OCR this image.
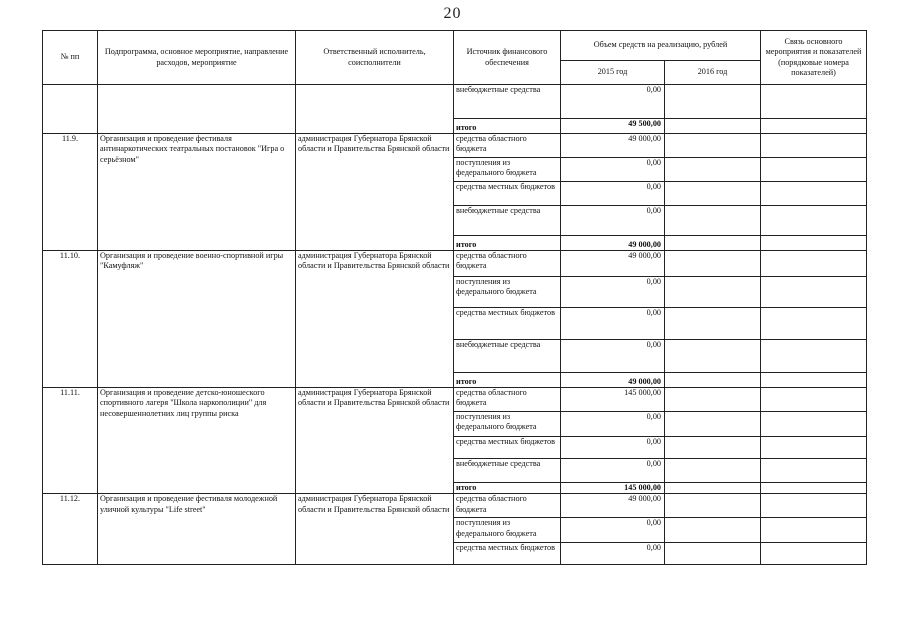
20
№ пп	Подпрограмма, основное мероприятие, направление расходов, мероприятие	Ответственный исполнитель, соисполнители	Источник финансового обеспечения	Объем средств на реализацию, рублей		Связь основного мероприятия и показателей (порядковые номера показателей)
				2015 год	2016 год	
			внебюджетные средства	0,00		
			итого	49 500,00		
11.9.	Организация и проведение фестиваля антинаркотических театральных постановок "Игра о серьёзном"	администрация Губернатора Брянской области и Правительства Брянской области	средства областного бюджета	49 000,00		
			поступления из федерального бюджета	0,00		
			средства местных бюджетов	0,00		
			внебюджетные средства	0,00		
			итого	49 000,00		
11.10.	Организация и проведение военно-спортивной игры "Камуфляж"	администрация Губернатора Брянской области и Правительства Брянской области	средства областного бюджета	49 000,00		
			поступления из федерального бюджета	0,00		
			средства местных бюджетов	0,00		
			внебюджетные средства	0,00		
			итого	49 000,00		
11.11.	Организация и проведение детско-юношеского спортивного лагеря "Школа наркополиции" для несовершеннолетних лиц группы риска	администрация Губернатора Брянской области и Правительства Брянской области	средства областного бюджета	145 000,00		
			поступления из федерального бюджета	0,00		
			средства местных бюджетов	0,00		
			внебюджетные средства	0,00		
			итого	145 000,00		
11.12.	Организация и проведение фестиваля молодежной уличной культуры "Life street"	администрация Губернатора Брянской области и Правительства Брянской области	средства областного бюджета	49 000,00		
			поступления из федерального бюджета	0,00		
			средства местных бюджетов	0,00		
